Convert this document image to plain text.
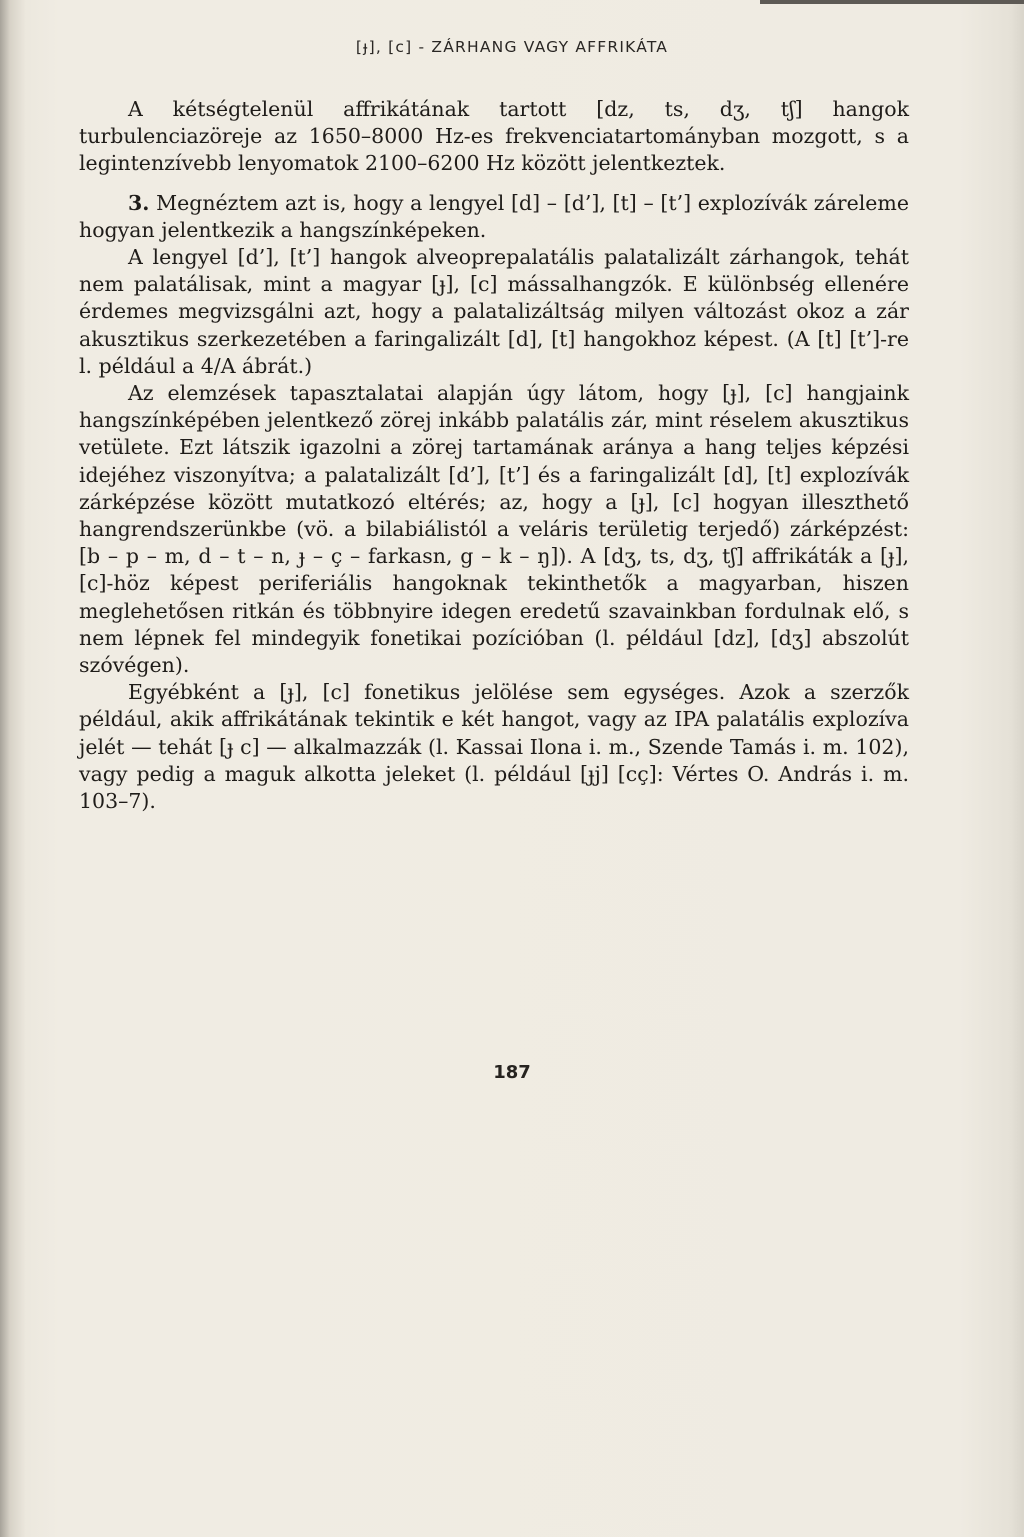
[ɟ], [c] - ZÁRHANG VAGY AFFRIKÁTA

A kétségtelenül affrikátának tartott [dz, ts, dʒ, tʃ] hangok turbulenciazöreje az 1650–8000 Hz-es frekvenciatartományban mozgott, s a legintenzívebb lenyomatok 2100–6200 Hz között jelentkeztek.

3. Megnéztem azt is, hogy a lengyel [d] – [d’], [t] – [t’] explozívák záreleme hogyan jelentkezik a hangszínképeken.

A lengyel [d’], [t’] hangok alveoprepalatális palatalizált zárhangok, tehát nem palatálisak, mint a magyar [ɟ], [c] mássalhangzók. E különbség ellenére érdemes megvizsgálni azt, hogy a palatalizáltság milyen változást okoz a zár akusztikus szerkezetében a faringalizált [d], [t] hangokhoz képest. (A [t] [t’]-re l. például a 4/A ábrát.)

Az elemzések tapasztalatai alapján úgy látom, hogy [ɟ], [c] hangjaink hangszínképében jelentkező zörej inkább palatális zár, mint réselem akusztikus vetülete. Ezt látszik igazolni a zörej tartamának aránya a hang teljes képzési idejéhez viszonyítva; a palatalizált [d’], [t’] és a faringalizált [d], [t] explozívák zárképzése között mutatkozó eltérés; az, hogy a [ɟ], [c] hogyan illeszthető hangrendszerünkbe (vö. a bilabiálistól a veláris területig terjedő) zárképzést: [b – p – m, d – t – n, ɟ – ç – farkasn, g – k – ŋ]). A [dʒ, ts, dʒ, tʃ] affrikáták a [ɟ], [c]-höz képest periferiális hangoknak tekinthetők a magyarban, hiszen meglehetősen ritkán és többnyire idegen eredetű szavainkban fordulnak elő, s nem lépnek fel mindegyik fonetikai pozícióban (l. például [dz], [dʒ] abszolút szóvégen).

Egyébként a [ɟ], [c] fonetikus jelölése sem egységes. Azok a szerzők például, akik affrikátának tekintik e két hangot, vagy az IPA palatális explozíva jelét — tehát [ɟ c] — alkalmazzák (l. Kassai Ilona i. m., Szende Tamás i. m. 102), vagy pedig a maguk alkotta jeleket (l. például [ɟj] [cç]: Vértes O. András i. m. 103–7).

187
